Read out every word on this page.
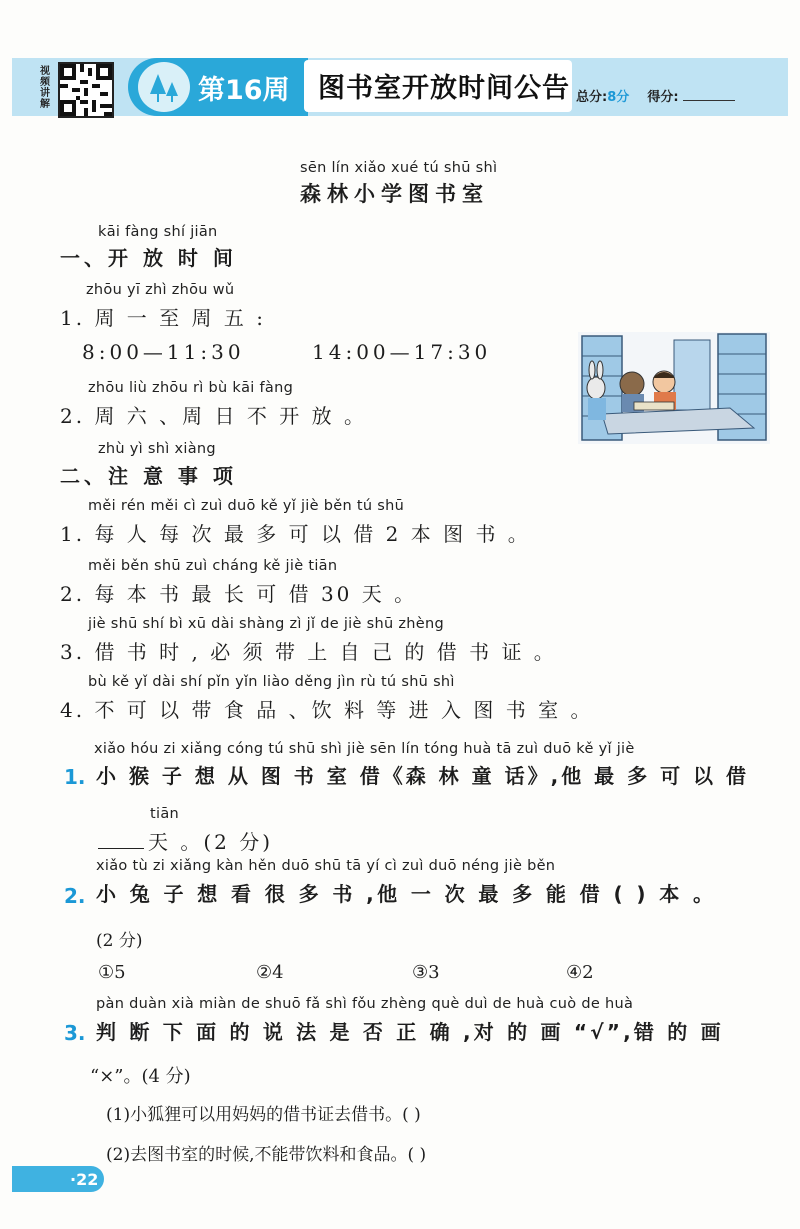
视频讲解	第16周 图书室开放时间公告 总分:8分 得分:
sēn lín xiǎo xué tú shū shì
森林小学图书室
kāi fàng shí jiān
一、开 放 时 间
zhōu yī zhì zhōu wǔ
1. 周 一 至 周 五 :
8:00—11:30	14:00—17:30
zhōu liù zhōu rì bù kāi fàng
2. 周 六 、周 日 不 开 放 。
zhù yì shì xiàng
二、注 意 事 项
měi rén měi cì zuì duō kě yǐ jiè běn tú shū
1. 每 人 每 次 最 多 可 以 借 2 本 图 书 。
měi běn shū zuì cháng kě jiè tiān
2. 每 本 书 最 长 可 借 30 天 。
jiè shū shí bì xū dài shàng zì jǐ de jiè shū zhèng
3. 借 书 时 , 必 须 带 上 自 己 的 借 书 证 。
bù kě yǐ dài shí pǐn yǐn liào děng jìn rù tú shū shì
4. 不 可 以 带 食 品 、饮 料 等 进 入 图 书 室 。
xiǎo hóu zi xiǎng cóng tú shū shì jiè sēn lín tóng huà tā zuì duō kě yǐ jiè
1. 小 猴 子 想 从 图 书 室 借《森 林 童 话》,他 最 多 可 以 借
tiān
天 。(2 分)
xiǎo tù zi xiǎng kàn hěn duō shū tā yí cì zuì duō néng jiè běn
2. 小 兔 子 想 看 很 多 书 ,他 一 次 最 多 能 借 ( ) 本 。
(2 分)
①5	②4	③3	④2
pàn duàn xià miàn de shuō fǎ shì fǒu zhèng què duì de huà cuò de huà
3. 判 断 下 面 的 说 法 是 否 正 确 ,对 的 画 “√”,错 的 画
“×”。(4 分)
(1)小狐狸可以用妈妈的借书证去借书。( )
(2)去图书室的时候,不能带饮料和食品。( )
·22
